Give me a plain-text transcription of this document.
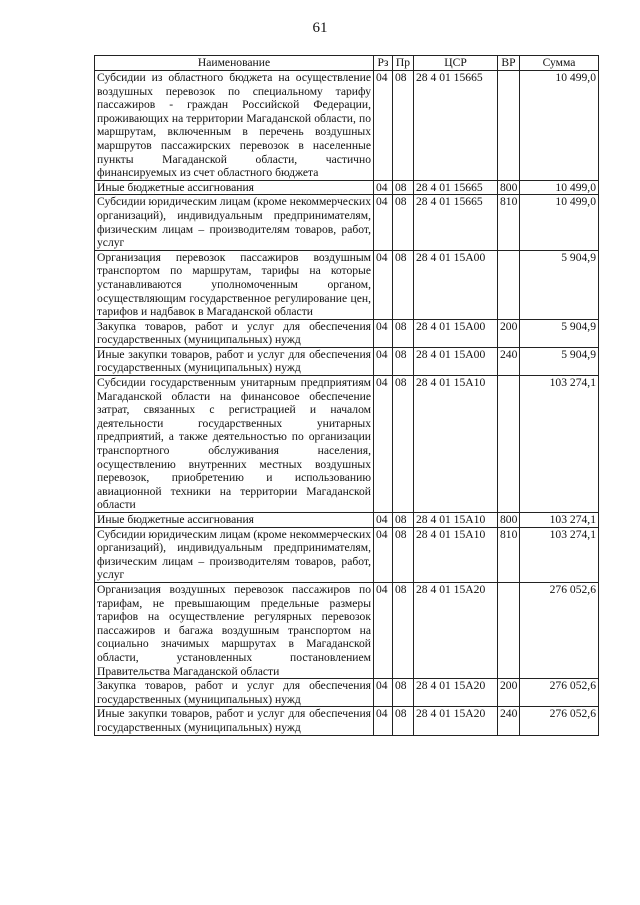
61
Наименование	Рз	Пр	ЦСР	ВР	Сумма
Субсидии из областного бюджета на осуществление воздушных перевозок по специальному тарифу пассажиров - граждан Российской Федерации, проживающих на территории Магаданской области, по маршрутам, включенным в перечень воздушных маршрутов пассажирских перевозок в населенные пункты Магаданской области, частично финансируемых из счет областного бюджета	04	08	28 4 01 15665		10 499,0
Иные бюджетные ассигнования	04	08	28 4 01 15665	800	10 499,0
Субсидии юридическим лицам (кроме некоммерческих организаций), индивидуальным предпринимателям, физическим лицам – производителям товаров, работ, услуг	04	08	28 4 01 15665	810	10 499,0
Организация перевозок пассажиров воздушным транспортом по маршрутам, тарифы на которые устанавливаются уполномоченным органом, осуществляющим государственное регулирование цен, тарифов и надбавок в Магаданской области	04	08	28 4 01 15А00		5 904,9
Закупка товаров, работ и услуг для обеспечения государственных (муниципальных) нужд	04	08	28 4 01 15А00	200	5 904,9
Иные закупки товаров, работ и услуг для обеспечения государственных (муниципальных) нужд	04	08	28 4 01 15А00	240	5 904,9
Субсидии государственным унитарным предприятиям Магаданской области на финансовое обеспечение затрат, связанных с регистрацией и началом деятельности государственных унитарных предприятий, а также деятельностью по организации транспортного обслуживания населения, осуществлению внутренних местных воздушных перевозок, приобретению и использованию авиационной техники на территории Магаданской области	04	08	28 4 01 15А10		103 274,1
Иные бюджетные ассигнования	04	08	28 4 01 15А10	800	103 274,1
Субсидии юридическим лицам (кроме некоммерческих организаций), индивидуальным предпринимателям, физическим лицам – производителям товаров, работ, услуг	04	08	28 4 01 15А10	810	103 274,1
Организация воздушных перевозок пассажиров по тарифам, не превышающим предельные размеры тарифов на осуществление регулярных перевозок пассажиров и багажа воздушным транспортом на социально значимых маршрутах в Магаданской области, установленных постановлением Правительства Магаданской области	04	08	28 4 01 15А20		276 052,6
Закупка товаров, работ и услуг для обеспечения государственных (муниципальных) нужд	04	08	28 4 01 15А20	200	276 052,6
Иные закупки товаров, работ и услуг для обеспечения государственных (муниципальных) нужд	04	08	28 4 01 15А20	240	276 052,6
